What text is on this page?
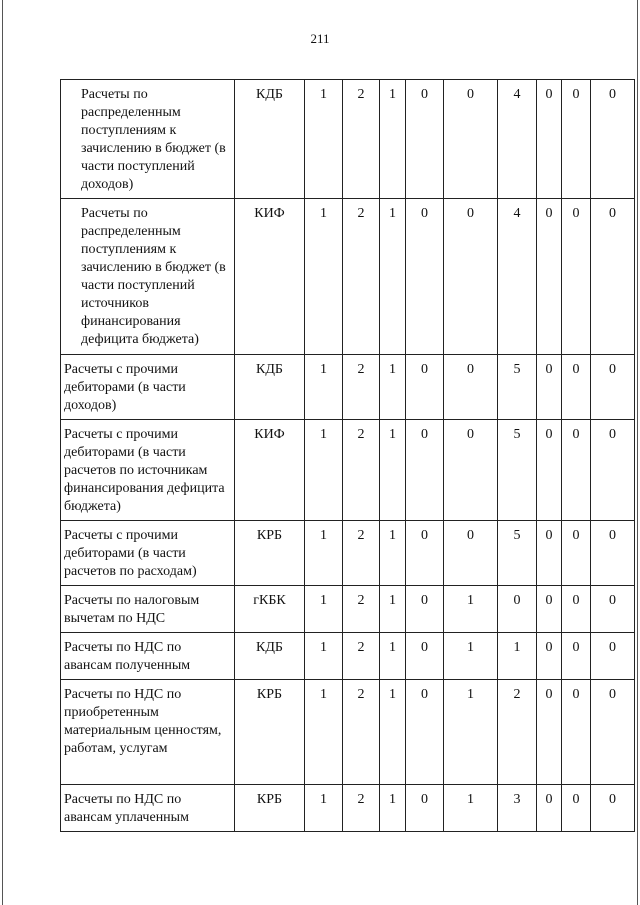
211
Расчеты по распределенным поступлениям к зачислению в бюджет (в части поступлений доходов)	КДБ	1	2	1	0	0	4	0	0	0
Расчеты по распределенным поступлениям к зачислению в бюджет (в части поступлений источников финансирования дефицита бюджета)	КИФ	1	2	1	0	0	4	0	0	0
Расчеты с прочими дебиторами (в части доходов)	КДБ	1	2	1	0	0	5	0	0	0
Расчеты с прочими дебиторами (в части расчетов по источникам финансирования дефицита бюджета)	КИФ	1	2	1	0	0	5	0	0	0
Расчеты с прочими дебиторами (в части расчетов по расходам)	КРБ	1	2	1	0	0	5	0	0	0
Расчеты по налоговым вычетам по НДС	гКБК	1	2	1	0	1	0	0	0	0
Расчеты по НДС по авансам полученным	КДБ	1	2	1	0	1	1	0	0	0
Расчеты по НДС по приобретенным материальным ценностям, работам, услугам	КРБ	1	2	1	0	1	2	0	0	0
Расчеты по НДС по авансам уплаченным	КРБ	1	2	1	0	1	3	0	0	0
